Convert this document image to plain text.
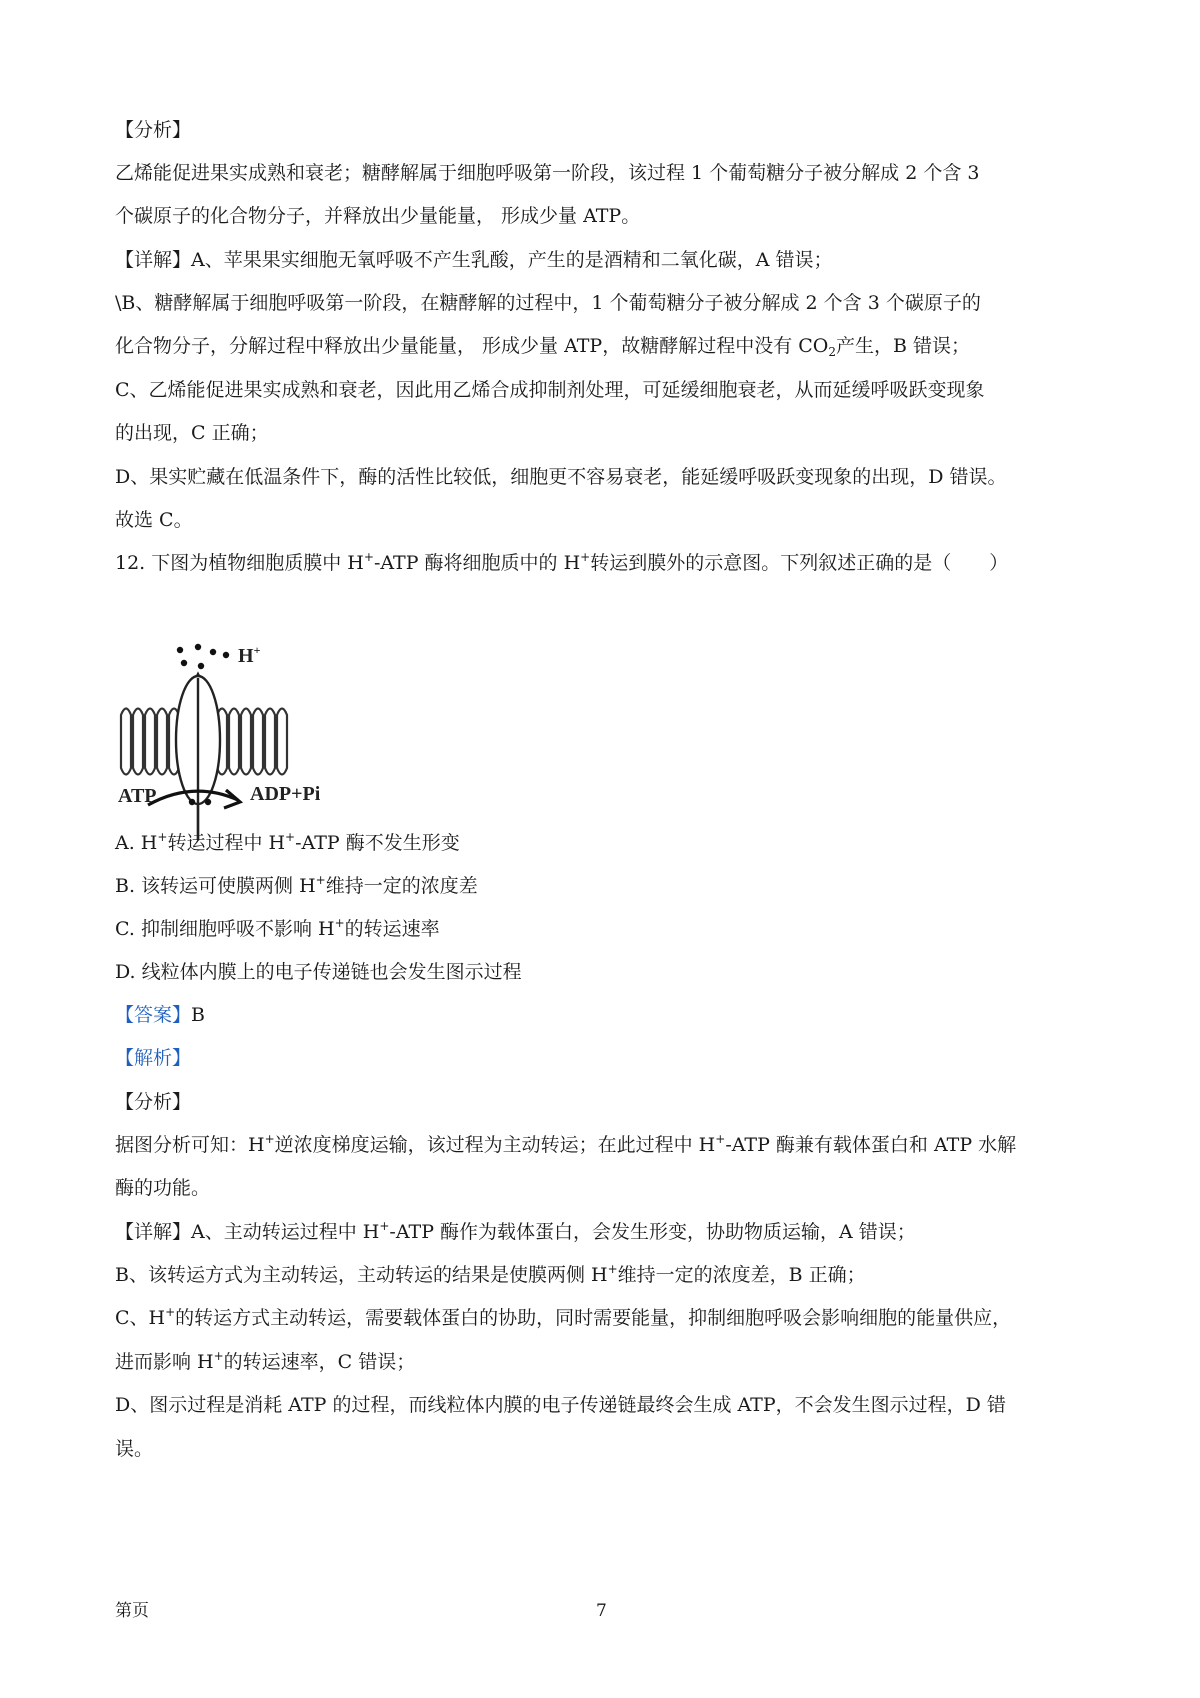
【分析】
乙烯能促进果实成熟和衰老；糖酵解属于细胞呼吸第一阶段，该过程 1 个葡萄糖分子被分解成 2 个含 3
个碳原子的化合物分子，并释放出少量能量， 形成少量 ATP。
【详解】A、苹果果实细胞无氧呼吸不产生乳酸，产生的是酒精和二氧化碳，A 错误；
\B、糖酵解属于细胞呼吸第一阶段，在糖酵解的过程中，1 个葡萄糖分子被分解成 2 个含 3 个碳原子的
化合物分子，分解过程中释放出少量能量， 形成少量 ATP，故糖酵解过程中没有 $CO_2$产生，B 错误；
C、乙烯能促进果实成熟和衰老，因此用乙烯合成抑制剂处理，可延缓细胞衰老，从而延缓呼吸跃变现象
的出现，C 正确；
D、果实贮藏在低温条件下，酶的活性比较低，细胞更不容易衰老，能延缓呼吸跃变现象的出现，D 错误。
故选 C。
12. 下图为植物细胞质膜中 H+-ATP 酶将细胞质中的 H+转运到膜外的示意图。下列叙述正确的是（　　）
H+
ATP	ADP+Pi
A. H+转运过程中 H+-ATP 酶不发生形变
B. 该转运可使膜两侧 H+维持一定的浓度差
C. 抑制细胞呼吸不影响 H+的转运速率
D. 线粒体内膜上的电子传递链也会发生图示过程
【答案】B
【解析】
【分析】
据图分析可知：H+逆浓度梯度运输，该过程为主动转运；在此过程中 H+-ATP 酶兼有载体蛋白和 ATP 水解
酶的功能。
【详解】A、主动转运过程中 H+-ATP 酶作为载体蛋白，会发生形变，协助物质运输，A 错误；
B、该转运方式为主动转运，主动转运的结果是使膜两侧 H+维持一定的浓度差，B 正确；
C、H+的转运方式主动转运，需要载体蛋白的协助，同时需要能量，抑制细胞呼吸会影响细胞的能量供应，
进而影响 H+的转运速率，C 错误；
D、图示过程是消耗 ATP 的过程，而线粒体内膜的电子传递链最终会生成 ATP，不会发生图示过程，D 错
误。
第页	7
